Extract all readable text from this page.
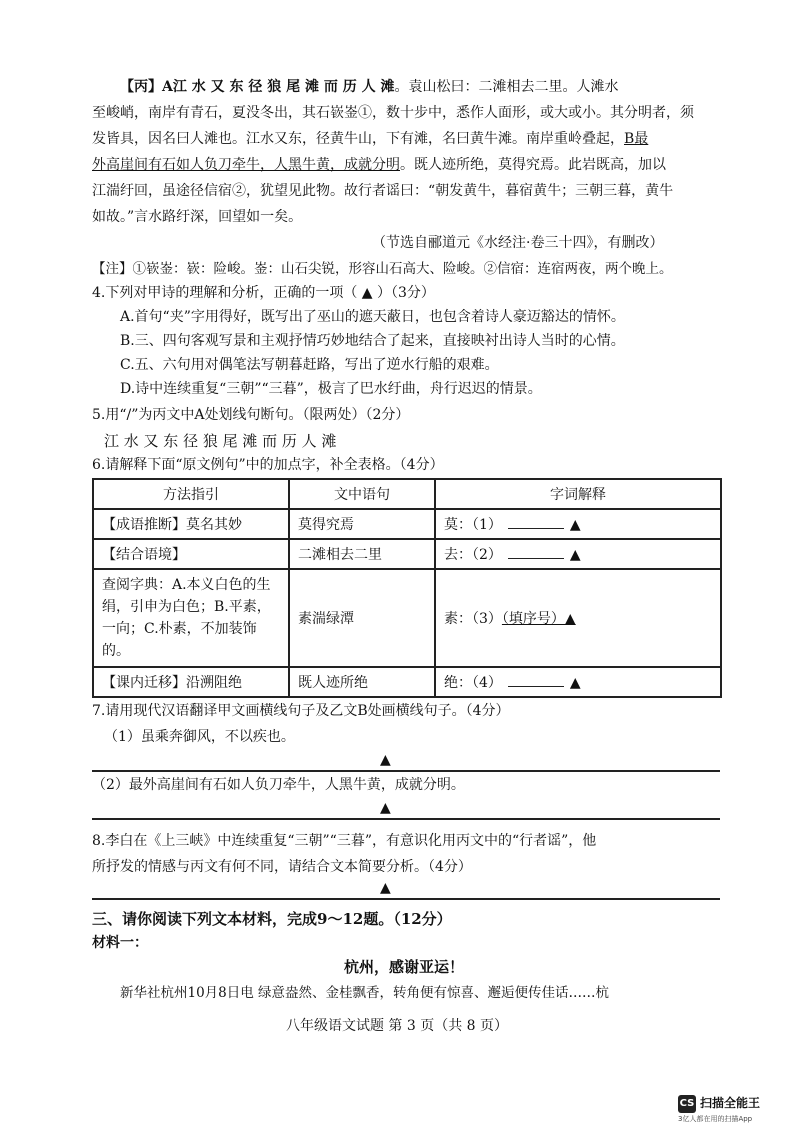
【丙】A江 水 又 东 径 狼 尾 滩 而 历 人 滩。袁山松曰：二滩相去二里。人滩水
至峻峭，南岸有青石，夏没冬出，其石嵚崟①，数十步中，悉作人面形，或大或小。其分明者，须
发皆具，因名曰人滩也。江水又东，径黄牛山，下有滩，名曰黄牛滩。南岸重岭叠起，B最
外高崖间有石如人负刀牵牛，人黑牛黄，成就分明。既人迹所绝，莫得究焉。此岩既高，加以
江湍纡回，虽途径信宿②，犹望见此物。故行者谣曰：“朝发黄牛，暮宿黄牛；三朝三暮，黄牛
如故。”言水路纡深，回望如一矣。
（节选自郦道元《水经注·卷三十四》，有删改）
【注】①嵚崟：嵚：险峻。崟：山石尖锐，形容山石高大、险峻。②信宿：连宿两夜，两个晚上。
4.下列对甲诗的理解和分析，正确的一项（ ▲ ）（3分）
A.首句“夹”字用得好，既写出了巫山的遮天蔽日，也包含着诗人豪迈豁达的情怀。
B.三、四句客观写景和主观抒情巧妙地结合了起来，直接映衬出诗人当时的心情。
C.五、六句用对偶笔法写朝暮赶路，写出了逆水行船的艰难。
D.诗中连续重复“三朝”“三暮”，极言了巴水纡曲，舟行迟迟的情景。
5.用“/”为丙文中A处划线句断句。（限两处）（2分）
江 水 又 东 径 狼 尾 滩 而 历 人 滩
6.请解释下面“原文例句”中的加点字，补全表格。（4分）
方法指引	文中语句	字词解释
【成语推断】莫名其妙	莫得究焉	莫：（1） ▲
【结合语境】	二滩相去二里	去：（2） ▲
查阅字典：A.本义白色的生绢，引申为白色；B.平素，一向；C.朴素，不加装饰的。	素湍绿潭	素：（3）（填序号）▲
【课内迁移】沿溯阻绝	既人迹所绝	绝：（4） ▲
7.请用现代汉语翻译甲文画横线句子及乙文B处画横线句子。（4分）
（1）虽乘奔御风，不以疾也。
▲
（2）最外高崖间有石如人负刀牵牛，人黑牛黄，成就分明。
▲
8.李白在《上三峡》中连续重复“三朝”“三暮”，有意识化用丙文中的“行者谣”，他
所抒发的情感与丙文有何不同，请结合文本简要分析。（4分）
▲
三、请你阅读下列文本材料，完成9～12题。（12分）
材料一：
杭州，感谢亚运！
新华社杭州10月8日电 绿意盎然、金桂飘香，转角便有惊喜、邂逅便传佳话……杭
八年级语文试题 第 3 页（共 8 页）
CS 扫描全能王
3亿人都在用的扫描App
